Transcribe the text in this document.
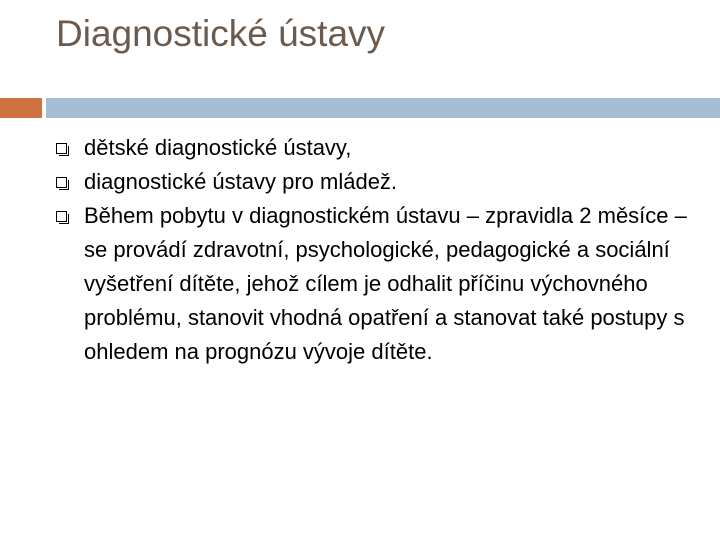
Diagnostické ústavy
dětské diagnostické ústavy,
diagnostické ústavy pro mládež.
Během pobytu v diagnostickém ústavu – zpravidla 2 měsíce – se provádí zdravotní, psychologické, pedagogické a sociální vyšetření dítěte, jehož cílem je odhalit příčinu výchovného problému, stanovit vhodná opatření a stanovat také postupy s ohledem na prognózu vývoje dítěte.
